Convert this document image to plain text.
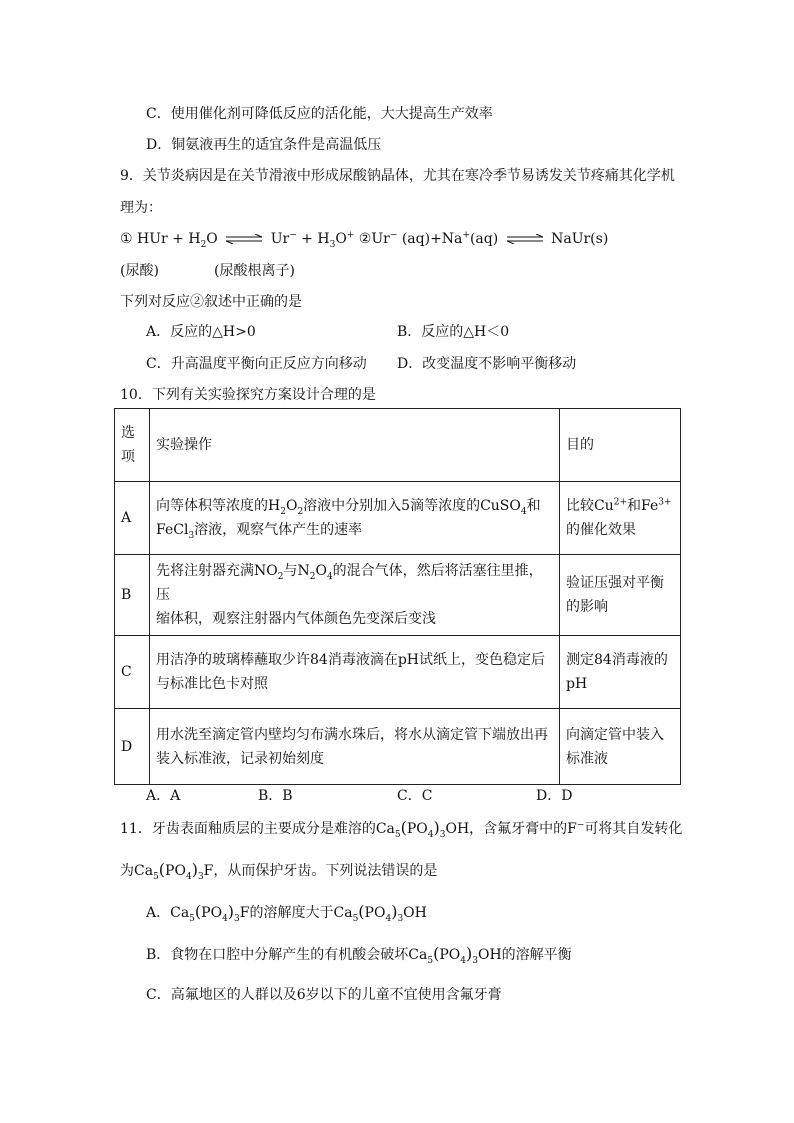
C．使用催化剂可降低反应的活化能，大大提高生产效率
D．铜氨液再生的适宜条件是高温低压
9．关节炎病因是在关节滑液中形成尿酸钠晶体，尤其在寒冷季节易诱发关节疼痛其化学机
理为：
① HUr + $H_2O$ ⇌ $Ur^- + H_3O^+$ ②Ur− (aq)+Na+(aq) ⇌ NaUr(s)
(尿酸)	(尿酸根离子)
下列对反应②叙述中正确的是
A．反应的△H>0	B．反应的△H＜0
C．升高温度平衡向正反应方向移动 D．改变温度不影响平衡移动
10．下列有关实验探究方案设计合理的是
选项	实验操作	目的
A	向等体积等浓度的$H_2O_2$溶液中分别加入5滴等浓度的CuSO$_4$和
FeCl$_3$溶液，观察气体产生的速率	比较$Cu^{2+}$和$Fe^{3+}$
的催化效果
B	先将注射器充满$NO_2$与$N_2O_4$的混合气体，然后将活塞往里推，压
缩体积，观察注射器内气体颜色先变深后变浅	验证压强对平衡
的影响
C	用洁净的玻璃棒蘸取少许84消毒液滴在pH试纸上，变色稳定后
与标准比色卡对照	测定84消毒液的
pH
D	用水洗至滴定管内壁均匀布满水珠后，将水从滴定管下端放出再
装入标准液，记录初始刻度	向滴定管中装入
标准液
A．A	B．B	C．C	D．D
11．牙齿表面釉质层的主要成分是难溶的$Ca_5(PO_4)_3OH$，含氟牙膏中的F−可将其自发转化
为$Ca_5(PO_4)_3F$，从而保护牙齿。下列说法错误的是
A．$Ca_5(PO_4)_3F$的溶解度大于$Ca_5(PO_4)_3OH$
B．食物在口腔中分解产生的有机酸会破坏$Ca_5(PO_4)_3OH$的溶解平衡
C．高氟地区的人群以及6岁以下的儿童不宜使用含氟牙膏
